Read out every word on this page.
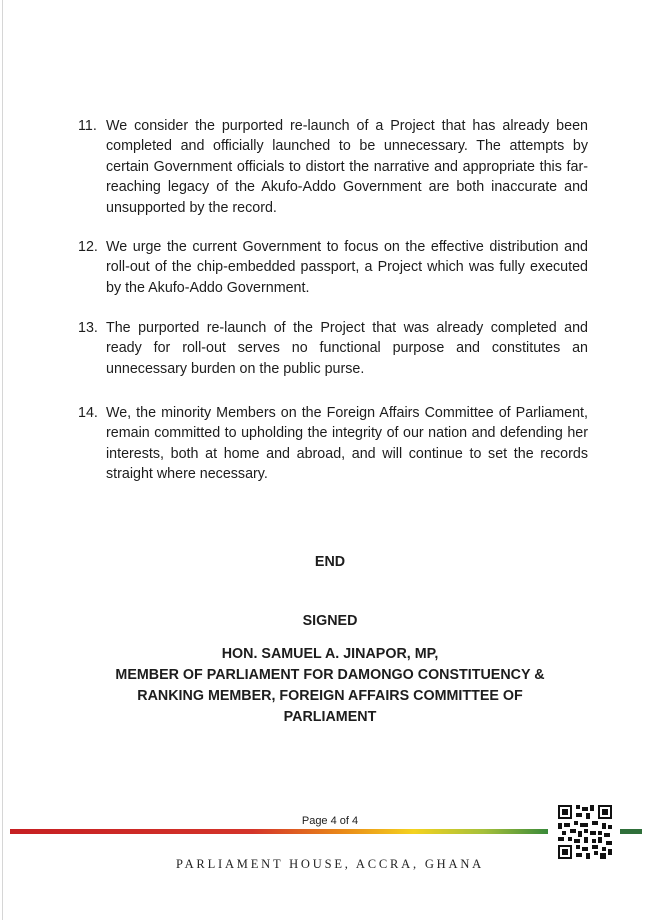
11. We consider the purported re-launch of a Project that has already been completed and officially launched to be unnecessary. The attempts by certain Government officials to distort the narrative and appropriate this far-reaching legacy of the Akufo-Addo Government are both inaccurate and unsupported by the record.
12. We urge the current Government to focus on the effective distribution and roll-out of the chip-embedded passport, a Project which was fully executed by the Akufo-Addo Government.
13. The purported re-launch of the Project that was already completed and ready for roll-out serves no functional purpose and constitutes an unnecessary burden on the public purse.
14. We, the minority Members on the Foreign Affairs Committee of Parliament, remain committed to upholding the integrity of our nation and defending her interests, both at home and abroad, and will continue to set the records straight where necessary.
END
SIGNED
HON. SAMUEL A. JINAPOR, MP,
MEMBER OF PARLIAMENT FOR DAMONGO CONSTITUENCY &
RANKING MEMBER, FOREIGN AFFAIRS COMMITTEE OF
PARLIAMENT
Page 4 of 4
PARLIAMENT HOUSE, ACCRA, GHANA
